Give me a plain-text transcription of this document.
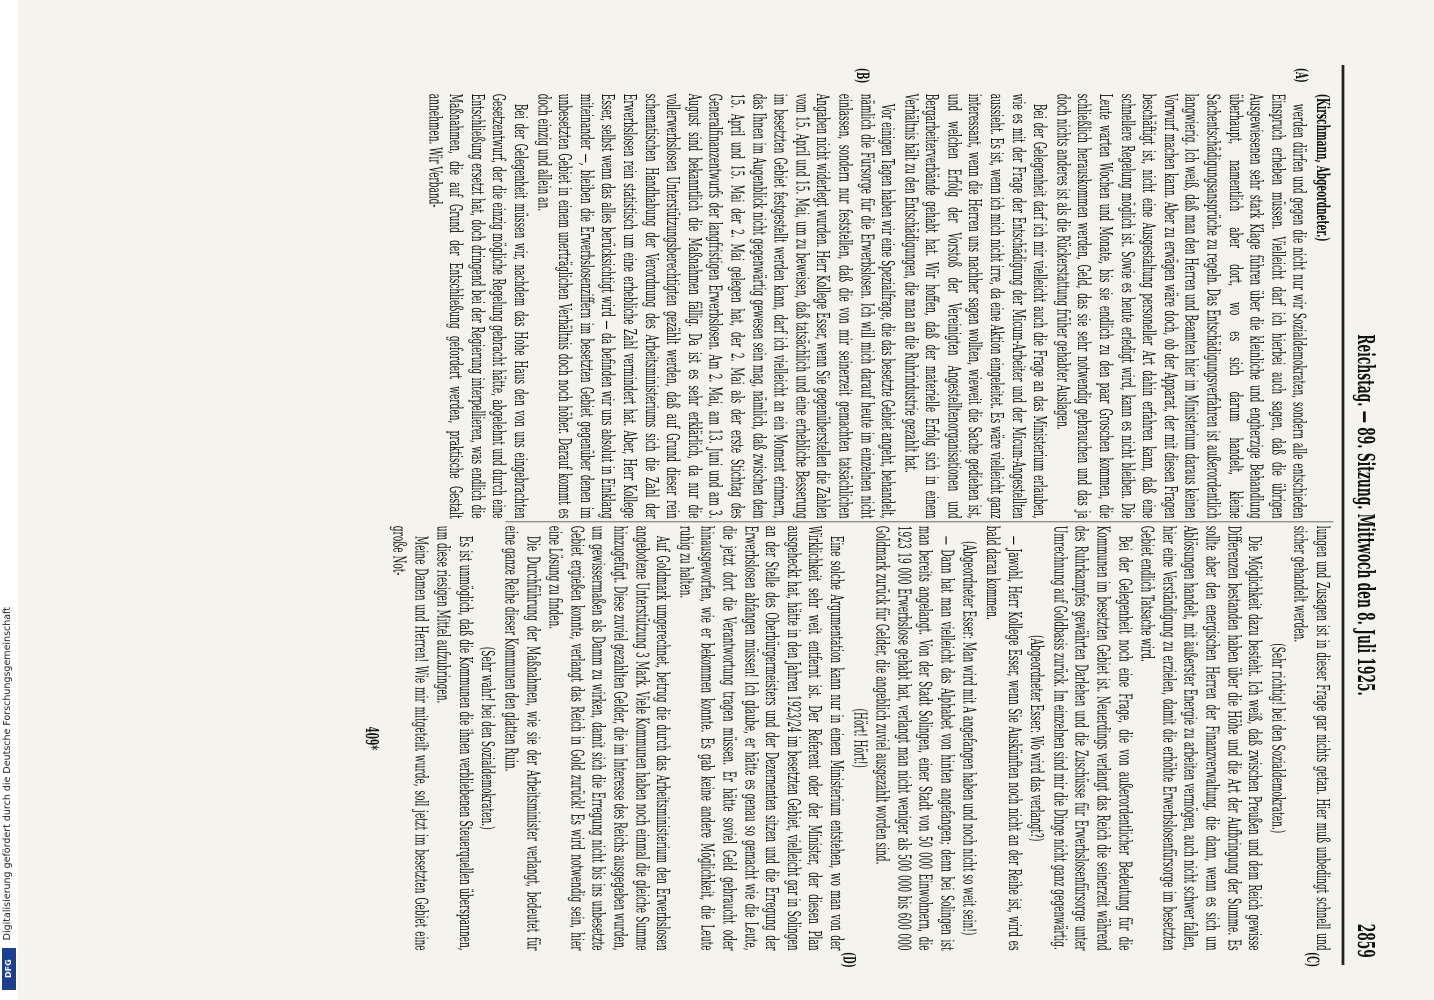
Digitalisierung gefördert durch die Deutsche Forschungsgemeinschaft
DFG
Reichstag. — 89. Sitzung. Mittwoch den 8. Juli 1925.
2859
(A)
(B)
(C)
(D)

(Kirschmann, Abgeordneter.)

werden dürfen und gegen die nicht nur wir Sozialdemokraten, sondern alle entschieden Einspruch erheben müssen. Vielleicht darf ich hierbei auch sagen, daß die übrigen Ausgewiesenen sehr stark Klage führen über die kleinliche und engherzige Behandlung überhaupt, namentlich aber dort, wo es sich darum handelt, kleine Sachentschädigungsansprüche zu regeln. Das Entschädigungsverfahren ist außerordentlich langwierig. Ich weiß, daß man den Herren und Beamten hier im Ministerium daraus keinen Vorwurf machen kann. Aber zu erwägen wäre doch, ob der Apparat, der mit diesen Fragen beschäftigt ist, nicht eine Ausgestaltung personeller Art dahin erfahren kann, daß eine schnellere Regelung möglich ist. Sowie es heute erledigt wird, kann es nicht bleiben. Die Leute warten Wochen und Monate, bis sie endlich zu den paar Groschen kommen, die schließlich herauskommen werden, Geld, das sie sehr notwendig gebrauchen und das ja doch nichts anderes ist als die Rückerstattung früher gehabter Auslagen.

Bei der Gelegenheit darf ich mir vielleicht auch die Frage an das Ministerium erlauben, wie es mit der Frage der Entschädigung der Micum-Arbeiter und der Micum-Angestellten aussieht. Es ist, wenn ich mich nicht irre, da eine Aktion eingeleitet. Es wäre vielleicht ganz interessant, wenn die Herren uns nachher sagen wollten, wieweit die Sache gediehen ist, und welchen Erfolg der Vorstoß der Vereinigten Angestelltenorganisationen und Bergarbeiterverbände gehabt hat. Wir hoffen, daß der materielle Erfolg sich in einem Verhältnis hält zu den Entschädigungen, die man an die Ruhrindustrie gezahlt hat.

Vor einigen Tagen haben wir eine Spezialfrage, die das besetzte Gebiet angeht, behandelt, nämlich die Fürsorge für die Erwerbslosen. Ich will mich darauf heute im einzelnen nicht einlassen, sondern nur feststellen, daß die von mir seinerzeit gemachten tatsächlichen Angaben nicht widerlegt wurden. Herr Kollege Esser, wenn Sie gegenüberstellen die Zahlen vom 15. April und 15. Mai, um zu beweisen, daß tatsächlich und eine erhebliche Besserung im besetzten Gebiet festgestellt werden kann, darf ich vielleicht an ein Moment erinnern, das Ihnen im Augenblick nicht gegenwärtig gewesen sein mag, nämlich, daß zwischen dem 15. April und 15. Mai der 2. Mai gelegen hat, der 2. Mai als der erste Stichtag des Generalfinanzentwurfs der langfristigen Erwerbslosen. Am 2. Mai, am 13. Juni und am 3. August sind bekanntlich die Maßnahmen fällig. Da ist es sehr erklärlich, da nur die vollerwerbslosen Unterstützungsberechtigten gezählt werden, daß auf Grund dieser rein schematischen Handhabung der Verordnung des Arbeitsministeriums sich die Zahl der Erwerbslosen rein statistisch um eine erhebliche Zahl vermindert hat. Aber, Herr Kollege Esser, selbst wenn das alles berücksichtigt wird — da befinden wir uns absolut in Einklang miteinander —, bleiben die Erwerbslosenziffern im besetzten Gebiet gegenüber denen im unbesetzten Gebiet in einem unerträglichen Verhältnis doch noch höher. Darauf kommt es doch einzig und allein an.

Bei der Gelegenheit müssen wir, nachdem das Hohe Haus den von uns eingebrachten Gesetzentwurf, der die einzig mögliche Regelung gebracht hätte, abgelehnt und durch eine Entschließung ersetzt hat, doch dringend bei der Regierung interpellieren, was endlich die Maßnahmen, die auf Grund der Entschließung gefordert werden, praktische Gestalt annehmen. Wir Verband-

lungen und Zusagen ist in dieser Frage gar nichts getan. Hier muß unbedingt schnell und sicher gehandelt werden.

(Sehr richtig! bei den Sozialdemokraten.)

Die Möglichkeit dazu besteht. Ich weiß, daß zwischen Preußen und dem Reich gewisse Differenzen bestanden haben über die Höhe und die Art der Aufbringung der Summe. Es sollte aber den energischen Herren der Finanzverwaltung, die dann, wenn es sich um Ablösungen handelt, mit äußerster Energie zu arbeiten vermögen, auch nicht schwer fallen, hier eine Verständigung zu erzielen, damit die erhöhte Erwerbslosenfürsorge im besetzten Gebiet endlich Tatsache wird.

Bei der Gelegenheit noch eine Frage, die von außerordentlicher Bedeutung für die Kommunen im besetzten Gebiet ist. Neuerdings verlangt das Reich die seinerzeit während des Ruhrkampfes gewährten Darlehen und die Zuschüsse für Erwerbslosenfürsorge unter Umrechnung auf Goldbasis zurück. Im einzelnen sind mir die Dinge nicht ganz gegenwärtig.

(Abgeordneter Esser: Wo wird das verlangt?)

— Jawohl, Herr Kollege Esser, wenn Sie Auskünften noch nicht an der Reihe ist, wird es bald daran kommen.

(Abgeordneter Esser: Man wird mit A angefangen haben und noch nicht so weit sein!)

— Dann hat man vielleicht das Alphabet von hinten angefangen; denn bei Solingen ist man bereits angelangt. Von der Stadt Solingen, einer Stadt von 50 000 Einwohnern, die 1923 19 000 Erwerbslose gehabt hat, verlangt man nicht weniger als 500 000 bis 600 000 Goldmark zurück für Gelder, die angeblich zuviel ausgezahlt worden sind.

(Hört! Hört!)

Eine solche Argumentation kann nur in einem Ministerium entstehen, wo man von der Wirklichkeit sehr weit entfernt ist. Der Referent oder der Minister, der diesen Plan ausgeheckt hat, hätte in den Jahren 1923/24 im besetzten Gebiet, vielleicht gar in Solingen an der Stelle des Oberbürgermeisters und der Dezernenten sitzen und die Erregung der Erwerbslosen abfangen müssen! Ich glaube, er hätte es genau so gemacht wie die Leute, die jetzt dort die Verantwortung tragen müssen. Er hätte soviel Geld gebraucht oder hinausgeworfen, wie er bekommen konnte. Es gab keine andere Möglichkeit, die Leute ruhig zu halten.

Auf Goldmark umgerechnet, betrug die durch das Arbeitsministerium den Erwerbslosen angebotene Unterstützung 3 Mark. Viele Kommunen haben noch einmal die gleiche Summe hinzugefügt. Diese zuviel gezahlten Gelder, die im Interesse des Reichs ausgegeben wurden, um gewissermaßen als Damm zu wirken, damit sich die Erregung nicht bis ins unbesetzte Gebiet ergießen konnte, verlangt das Reich in Gold zurück! Es wird notwendig sein, hier eine Lösung zu finden.

Die Durchführung der Maßnahmen, wie sie der Arbeitsminister verlangt, bedeutet für eine ganze Reihe dieser Kommunen den glatten Ruin.

(Sehr wahr! bei den Sozialdemokraten.)

Es ist unmöglich, daß die Kommunen die ihnen verbliebenen Steuerquellen überspannen, um diese riesigen Mittel aufzubringen.

Meine Damen und Herren! Wie mir mitgeteilt wurde, soll jetzt im besetzten Gebiet eine große Not-

409*
